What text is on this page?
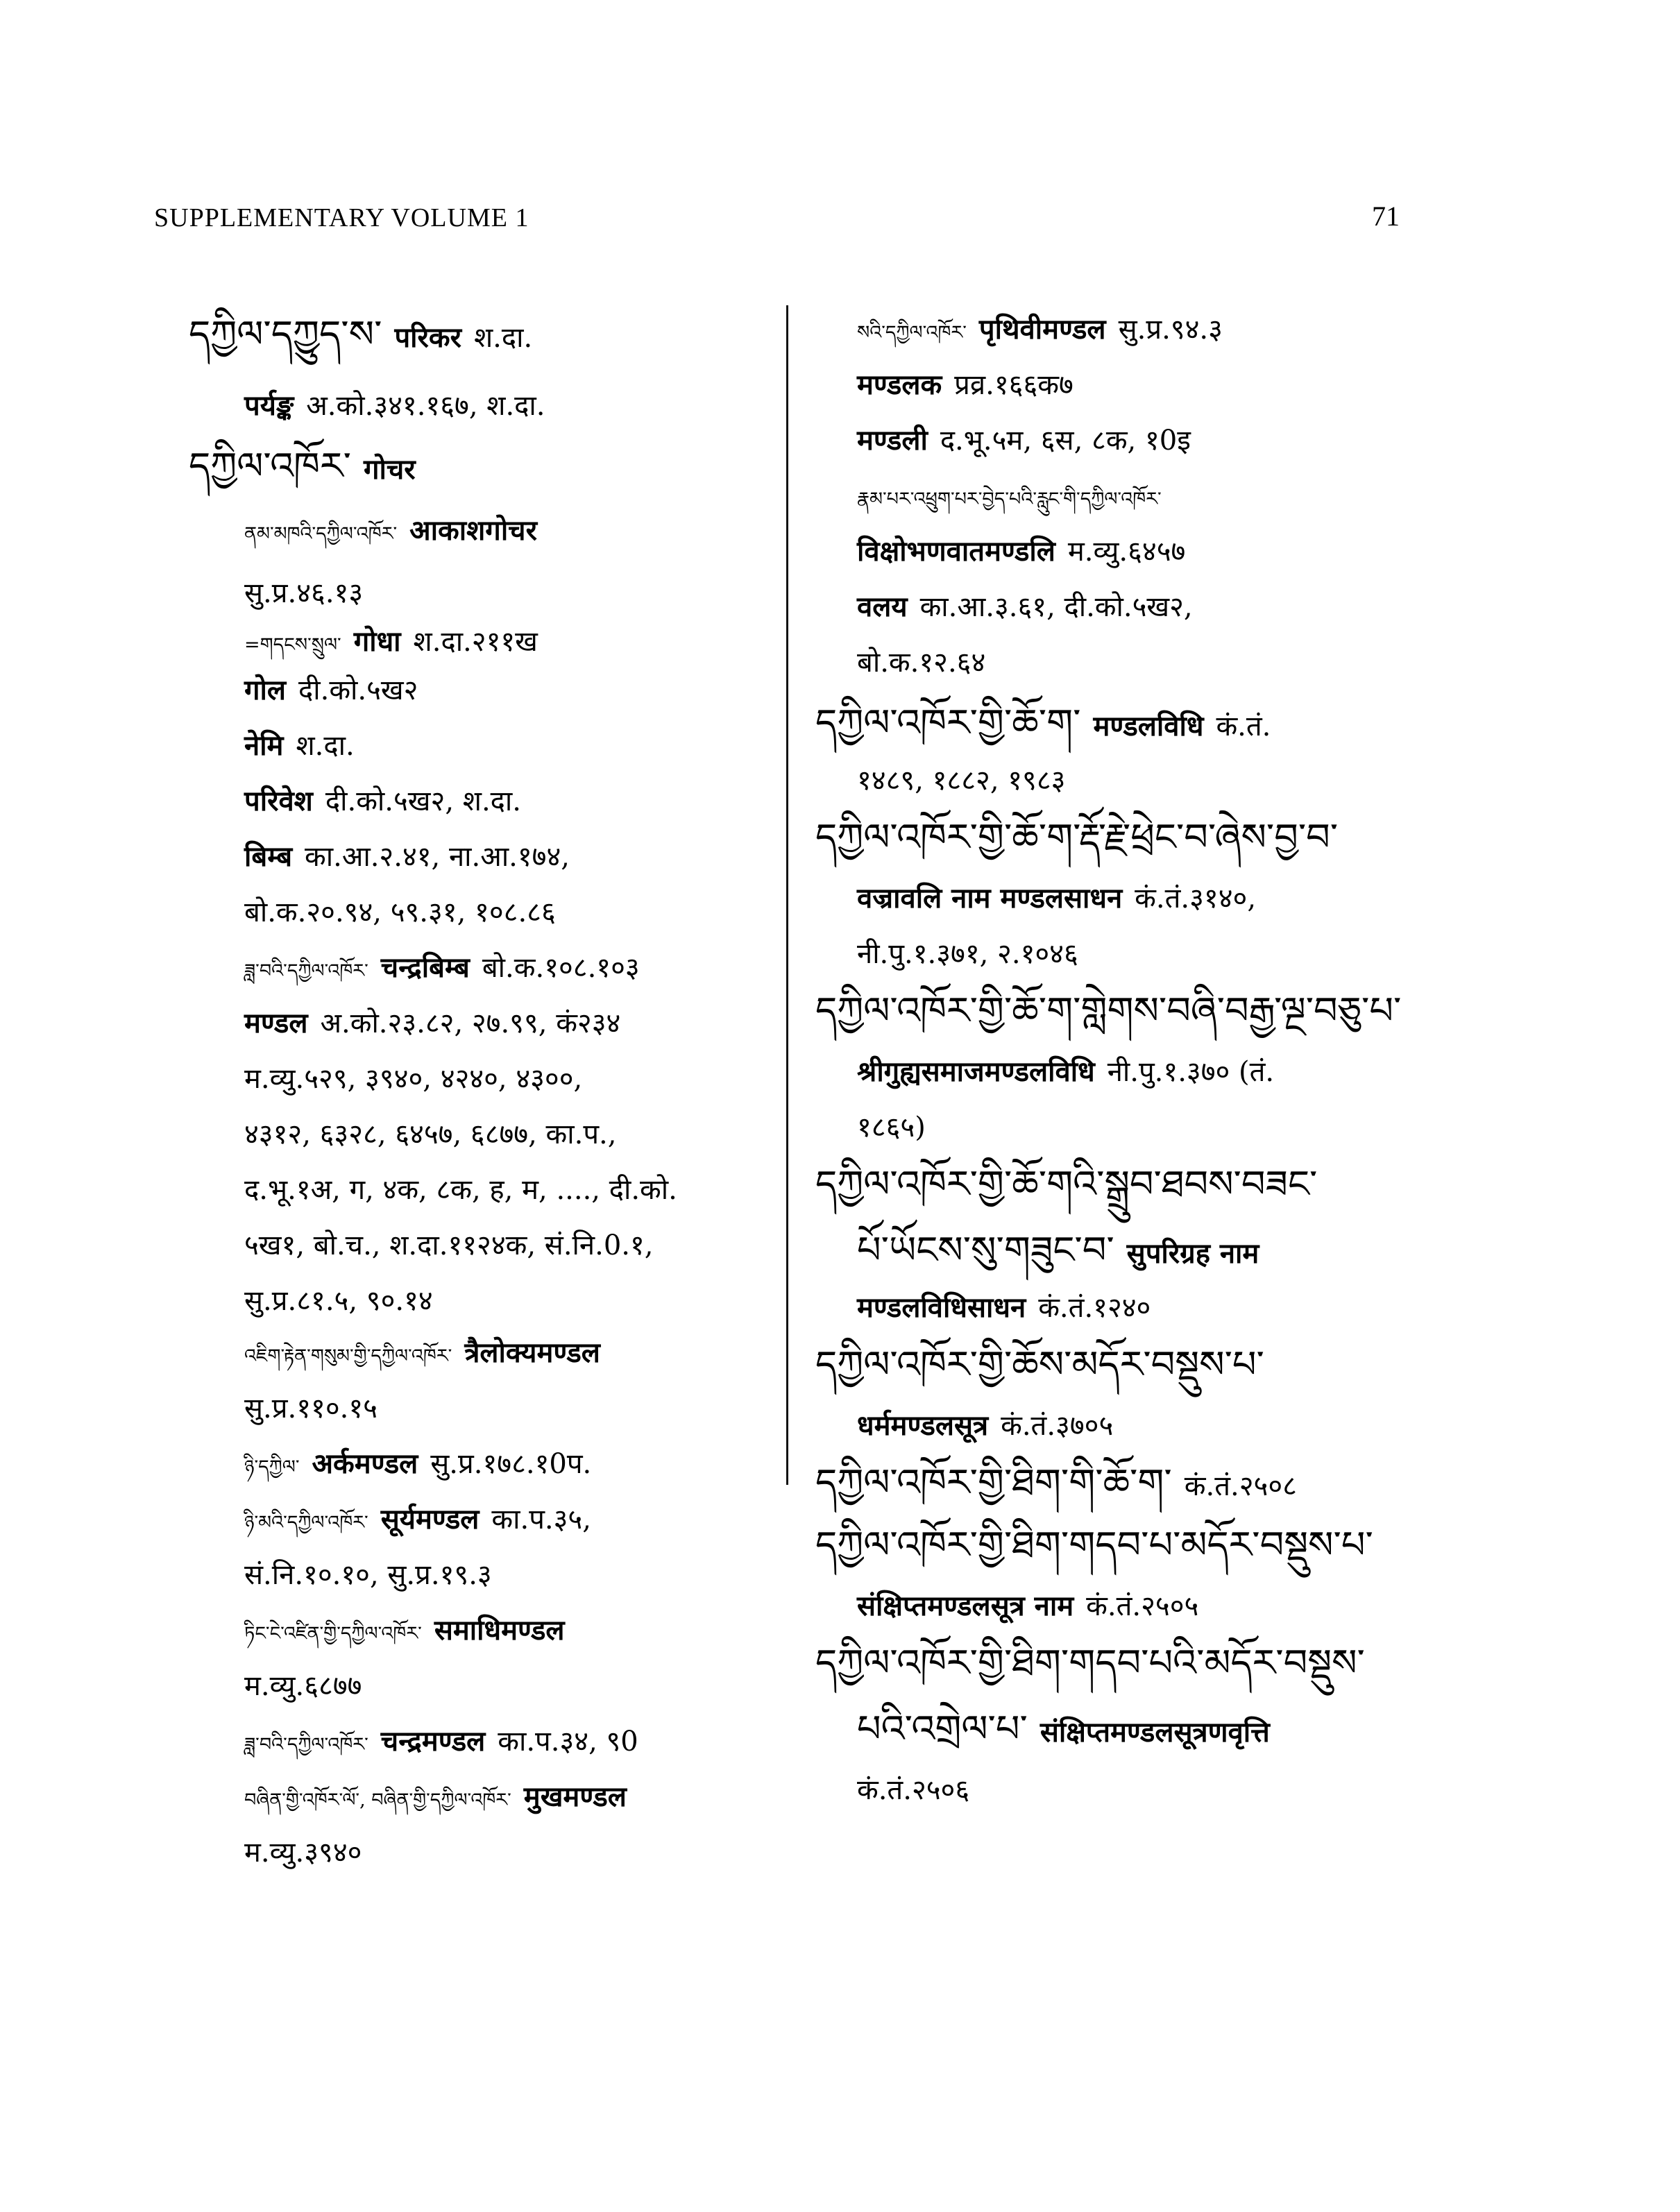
SUPPLEMENTARY VOLUME 1	71
དཀྱིལ་དཀྱུད་ས་ परिकर श.दा.
पर्यङ्क अ.को.३४१.१६७, श.दा.
དཀྱིལ་འཁོར་ गोचर
ནམ་མཁའི་དཀྱིལ་འཁོར་ आकाशगोचर
सु.प्र.४६.१३
=གདངས་སྲུལ་ गोधा श.दा.२११ख
गोल दी.को.५ख२
नेमि श.दा.
परिवेश दी.को.५ख२, श.दा.
बिम्ब का.आ.२.४१, ना.आ.१७४,
बो.क.२०.९४, ५९.३१, १०८.८६
ཟླ་བའི་དཀྱིལ་འཁོར་ चन्द्रबिम्ब बो.क.१०८.१०३
मण्डल अ.को.२३.८२, २७.९९, कं२३४
म.व्यु.५२९, ३९४०, ४२४०, ४३००,
४३१२, ६३२८, ६४५७, ६८७७, का.प.,
द.भू.१अ, ग, ४क, ८क, ह, म, ...., दी.को.
५ख१, बो.च., श.दा.११२४क, सं.नि.0.१,
सु.प्र.८१.५, ९०.१४
འཇིག་རྟེན་གསུམ་གྱི་དཀྱིལ་འཁོར་ त्रैलोक्यमण्डल
सु.प्र.११०.१५
ཉི་དཀྱིལ་ अर्कमण्डल सु.प्र.१७८.१0प.
ཉི་མའི་དཀྱིལ་འཁོར་ सूर्यमण्डल का.प.३५,
सं.नि.१०.१०, सु.प्र.१९.३
ཏིང་ངེ་འཛིན་གྱི་དཀྱིལ་འཁོར་ समाधिमण्डल
म.व्यु.६८७७
ཟླ་བའི་དཀྱིལ་འཁོར་ चन्द्रमण्डल का.प.३४, ९0
བཞིན་གྱི་འཁོར་ལོ་, བཞིན་གྱི་དཀྱིལ་འཁོར་ मुखमण्डल
म.व्यु.३९४०
སའི་དཀྱིལ་འཁོར་ पृथिवीमण्डल सु.प्र.९४.३
मण्डलक प्रव्र.१६६क७
मण्डली द.भू.५म, ६स, ८क, १0इ
རྣམ་པར་འཕྲུག་པར་བྱེད་པའི་རླུང་གི་དཀྱིལ་འཁོར་
विक्षोभणवातमण्डलि म.व्यु.६४५७
वलय का.आ.३.६१, दी.को.५ख२,
बो.क.१२.६४
དཀྱིལ་འཁོར་གྱི་ཆོ་ག་ मण्डलविधि कं.तं.
१४८९, १८८२, १९८३
དཀྱིལ་འཁོར་གྱི་ཆོ་ག་རྡོ་རྗེ་ཕྲེང་བ་ཞེས་བྱ་བ་
वज्रावलि नाम मण्डलसाधन कं.तं.३१४०,
नी.पु.१.३७१, २.१०४६
དཀྱིལ་འཁོར་གྱི་ཆོ་ག་གླེགས་བཞི་བརྒྱ་ལྔ་བཅུ་པ་
श्रीगुह्यसमाजमण्डलविधि नी.पु.१.३७० (तं.
१८६५)
དཀྱིལ་འཁོར་གྱི་ཆོ་གའི་སྒྲུབ་ཐབས་བཟང་
པོ་ཡོངས་སུ་གཟུང་བ་ सुपरिग्रह नाम
मण्डलविधिसाधन कं.तं.१२४०
དཀྱིལ་འཁོར་གྱི་ཆོས་མདོར་བསྡུས་པ་
धर्ममण्डलसूत्र कं.तं.३७०५
དཀྱིལ་འཁོར་གྱི་ཐིག་གི་ཆོ་ག་ कं.तं.२५०८
དཀྱིལ་འཁོར་གྱི་ཐིག་གདབ་པ་མདོར་བསྡུས་པ་
संक्षिप्तमण्डलसूत्र नाम कं.तं.२५०५
དཀྱིལ་འཁོར་གྱི་ཐིག་གདབ་པའི་མདོར་བསྡུས་
པའི་འགྲེལ་པ་ संक्षिप्तमण्डलसूत्रणवृत्ति
कं.तं.२५०६
